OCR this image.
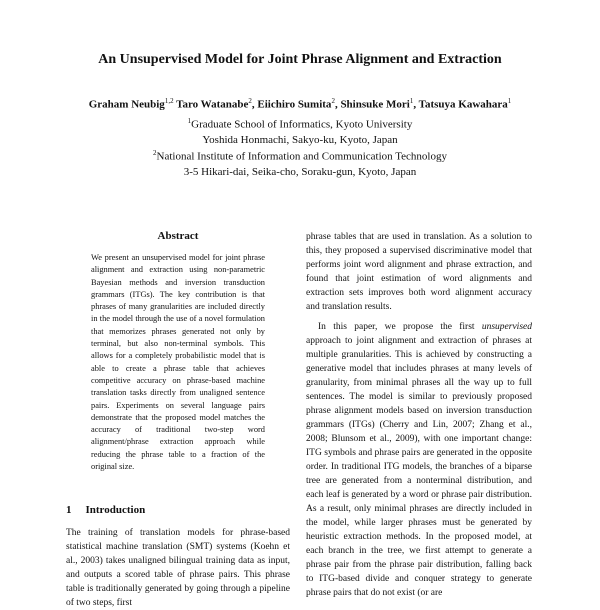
An Unsupervised Model for Joint Phrase Alignment and Extraction
Graham Neubig$^{1,2}$ Taro Watanabe$^2$, Eiichiro Sumita$^2$, Shinsuke Mori$^1$, Tatsuya Kawahara$^1$
$^1$Graduate School of Informatics, Kyoto University
Yoshida Honmachi, Sakyo-ku, Kyoto, Japan
$^2$National Institute of Information and Communication Technology
3-5 Hikari-dai, Seika-cho, Soraku-gun, Kyoto, Japan
Abstract
We present an unsupervised model for joint phrase alignment and extraction using non-parametric Bayesian methods and inversion transduction grammars (ITGs). The key contribution is that phrases of many granularities are included directly in the model through the use of a novel formulation that memorizes phrases generated not only by terminal, but also non-terminal symbols. This allows for a completely probabilistic model that is able to create a phrase table that achieves competitive accuracy on phrase-based machine translation tasks directly from unaligned sentence pairs. Experiments on several language pairs demonstrate that the proposed model matches the accuracy of traditional two-step word alignment/phrase extraction approach while reducing the phrase table to a fraction of the original size.
1 Introduction

The training of translation models for phrase-based statistical machine translation (SMT) systems (Koehn et al., 2003) takes unaligned bilingual training data as input, and outputs a scored table of phrase pairs. This phrase table is traditionally generated by going through a pipeline of two steps, first

phrase tables that are used in translation. As a solution to this, they proposed a supervised discriminative model that performs joint word alignment and phrase extraction, and found that joint estimation of word alignments and extraction sets improves both word alignment accuracy and translation results.

In this paper, we propose the first unsupervised approach to joint alignment and extraction of phrases at multiple granularities. This is achieved by constructing a generative model that includes phrases at many levels of granularity, from minimal phrases all the way up to full sentences. The model is similar to previously proposed phrase alignment models based on inversion transduction grammars (ITGs) (Cherry and Lin, 2007; Zhang et al., 2008; Blunsom et al., 2009), with one important change: ITG symbols and phrase pairs are generated in the opposite order. In traditional ITG models, the branches of a biparse tree are generated from a nonterminal distribution, and each leaf is generated by a word or phrase pair distribution. As a result, only minimal phrases are directly included in the model, while larger phrases must be generated by heuristic extraction methods. In the proposed model, at each branch in the tree, we first attempt to generate a phrase pair from the phrase pair distribution, falling back to ITG-based divide and conquer strategy to generate phrase pairs that do not exist (or are
